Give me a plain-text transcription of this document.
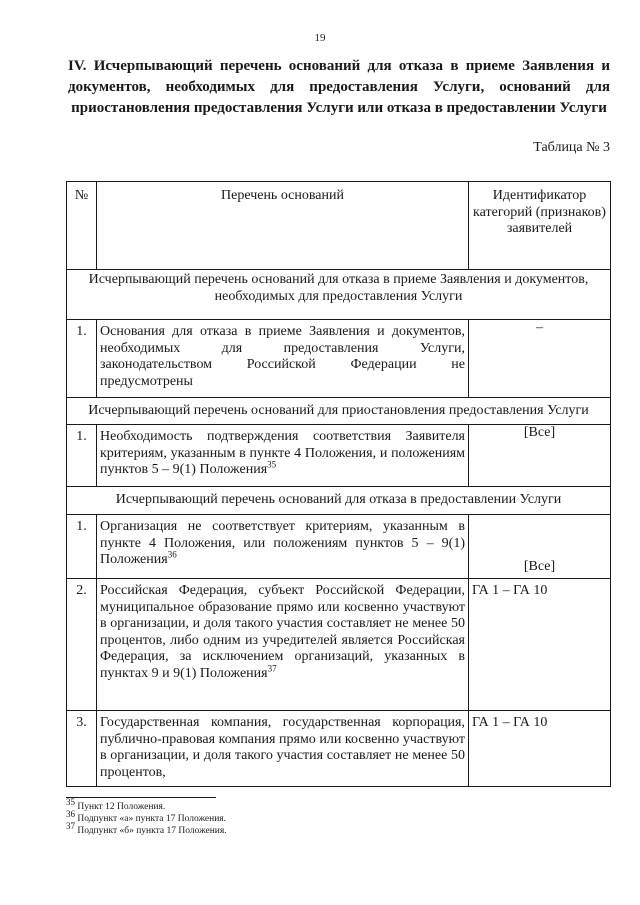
19
IV. Исчерпывающий перечень оснований для отказа в приеме Заявления и документов, необходимых для предоставления Услуги, оснований для приостановления предоставления Услуги или отказа в предоставлении Услуги
Таблица № 3
№	Перечень оснований	Идентификатор категорий (признаков) заявителей
Исчерпывающий перечень оснований для отказа в приеме Заявления и документов, необходимых для предоставления Услуги		
1.	Основания для отказа в приеме Заявления и документов, необходимых для предоставления Услуги, законодательством Российской Федерации не предусмотрены	–
Исчерпывающий перечень оснований для приостановления предоставления Услуги		
1.	Необходимость подтверждения соответствия Заявителя критериям, указанным в пункте 4 Положения, и положениям пунктов 5 – 9(1) Положения$^{35}$	[Все]
Исчерпывающий перечень оснований для отказа в предоставлении Услуги		
1.	Организация не соответствует критериям, указанным в пункте 4 Положения, или положениям пунктов 5 – 9(1) Положения$^{36}$	[Все]
2.	Российская Федерация, субъект Российской Федерации, муниципальное образование прямо или косвенно участвуют в организации, и доля такого участия составляет не менее 50 процентов, либо одним из учредителей является Российская Федерация, за исключением организаций, указанных в пунктах 9 и 9(1) Положения$^{37}$	ГА 1 – ГА 10
3.	Государственная компания, государственная корпорация, публично-правовая компания прямо или косвенно участвуют в организации, и доля такого участия составляет не менее 50 процентов,	ГА 1 – ГА 10
$^{35}$ Пункт 12 Положения.
$^{36}$ Подпункт «а» пункта 17 Положения.
$^{37}$ Подпункт «б» пункта 17 Положения.
